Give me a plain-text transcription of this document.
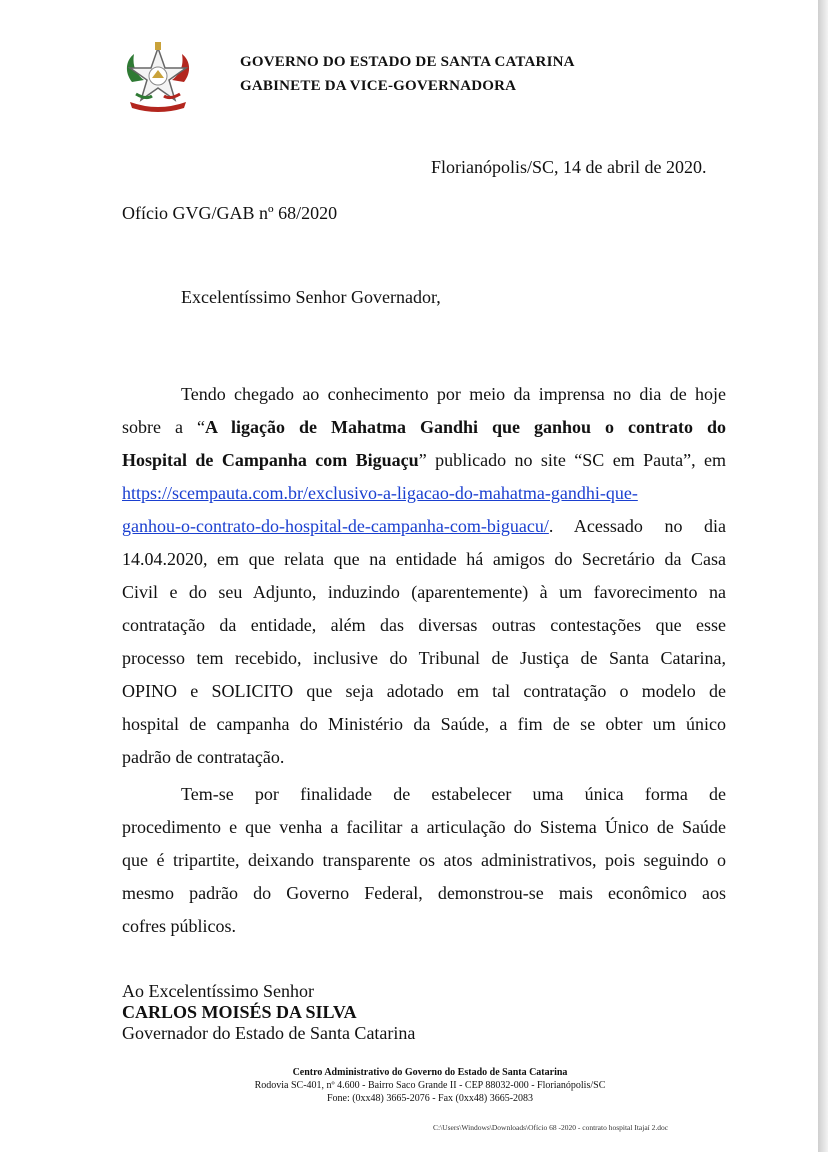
GOVERNO DO ESTADO DE SANTA CATARINA
GABINETE DA VICE-GOVERNADORA
Florianópolis/SC, 14 de abril de 2020.
Ofício GVG/GAB nº 68/2020
Excelentíssimo Senhor Governador,
Tendo chegado ao conhecimento por meio da imprensa no dia de hoje
sobre a “A ligação de Mahatma Gandhi que ganhou o contrato do
Hospital de Campanha com Biguaçu” publicado no site “SC em Pauta”, em
https://scempauta.com.br/exclusivo-a-ligacao-do-mahatma-gandhi-que-
ganhou-o-contrato-do-hospital-de-campanha-com-biguacu/. Acessado no dia
14.04.2020, em que relata que na entidade há amigos do Secretário da Casa
Civil e do seu Adjunto, induzindo (aparentemente) à um favorecimento na
contratação da entidade, além das diversas outras contestações que esse
processo tem recebido, inclusive do Tribunal de Justiça de Santa Catarina,
OPINO e SOLICITO que seja adotado em tal contratação o modelo de
hospital de campanha do Ministério da Saúde, a fim de se obter um único
padrão de contratação.
Tem-se por finalidade de estabelecer uma única forma de
procedimento e que venha a facilitar a articulação do Sistema Único de Saúde
que é tripartite, deixando transparente os atos administrativos, pois seguindo o
mesmo padrão do Governo Federal, demonstrou-se mais econômico aos
cofres públicos.
Ao Excelentíssimo Senhor
CARLOS MOISÉS DA SILVA
Governador do Estado de Santa Catarina
Centro Administrativo do Governo do Estado de Santa Catarina
Rodovia SC-401, nº 4.600 - Bairro Saco Grande II - CEP 88032-000 - Florianópolis/SC
Fone: (0xx48) 3665-2076 - Fax (0xx48) 3665-2083
C:\Users\Windows\Downloads\Ofício 68 -2020 - contrato hospital Itajaí 2.doc
